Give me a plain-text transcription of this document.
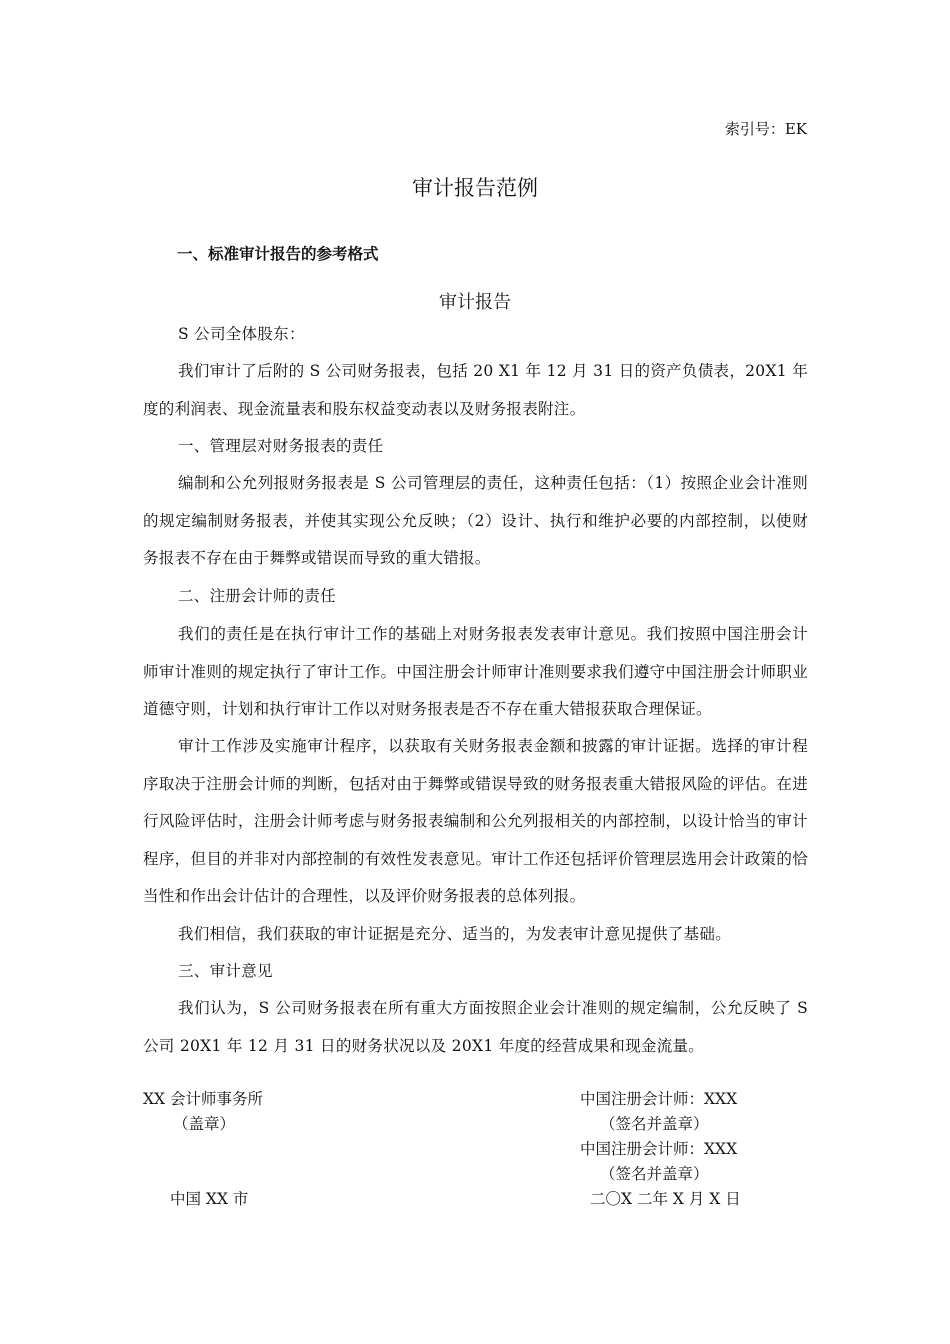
索引号：EK
审计报告范例
一、标准审计报告的参考格式
审计报告
S 公司全体股东：
我们审计了后附的 S 公司财务报表，包括 20 X1 年 12 月 31 日的资产负债表，20X1 年度的利润表、现金流量表和股东权益变动表以及财务报表附注。
一、管理层对财务报表的责任
编制和公允列报财务报表是 S 公司管理层的责任，这种责任包括：（1）按照企业会计准则的规定编制财务报表，并使其实现公允反映；（2）设计、执行和维护必要的内部控制，以使财务报表不存在由于舞弊或错误而导致的重大错报。
二、注册会计师的责任
我们的责任是在执行审计工作的基础上对财务报表发表审计意见。我们按照中国注册会计师审计准则的规定执行了审计工作。中国注册会计师审计准则要求我们遵守中国注册会计师职业道德守则，计划和执行审计工作以对财务报表是否不存在重大错报获取合理保证。
审计工作涉及实施审计程序，以获取有关财务报表金额和披露的审计证据。选择的审计程序取决于注册会计师的判断，包括对由于舞弊或错误导致的财务报表重大错报风险的评估。在进行风险评估时，注册会计师考虑与财务报表编制和公允列报相关的内部控制，以设计恰当的审计程序，但目的并非对内部控制的有效性发表意见。审计工作还包括评价管理层选用会计政策的恰当性和作出会计估计的合理性，以及评价财务报表的总体列报。
我们相信，我们获取的审计证据是充分、适当的，为发表审计意见提供了基础。
三、审计意见
我们认为，S 公司财务报表在所有重大方面按照企业会计准则的规定编制，公允反映了 S 公司 20X1 年 12 月 31 日的财务状况以及 20X1 年度的经营成果和现金流量。
XX 会计师事务所
（盖章）
中国 XX 市
中国注册会计师：XXX
（签名并盖章）
中国注册会计师：XXX
（签名并盖章）
二〇X 二年 X 月 X 日
